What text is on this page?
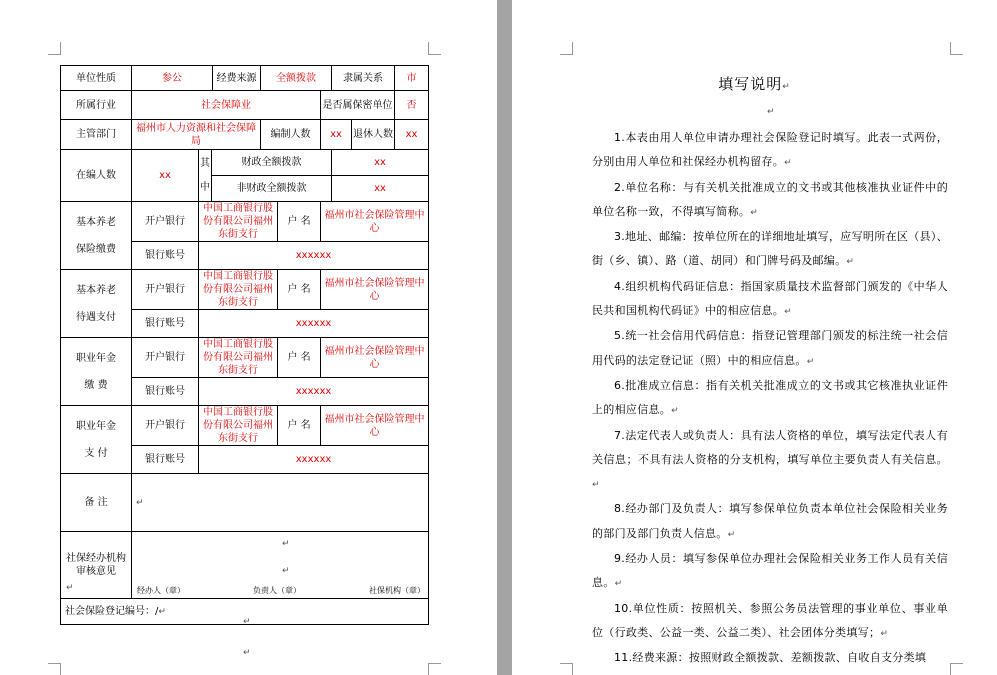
单位性质	参公		经费来源	全额拨款			隶属关系		市
所属行业	社会保障业					是否属保密单位			否
主管部门	福州市人力资源和社会保障局			编制人数		xx		退休人数	xx
在编人数	xx	其中	财政全额拨款				xx		
			非财政全额拨款				xx		

基本养老
保险缴费	开户银行	中国工商银行股份有限公司福州东街支行			户 名	福州市社会保险管理中心			
	银行账号	xxxxxx							

基本养老
待遇支付	开户银行	中国工商银行股份有限公司福州东街支行			户 名	福州市社会保险管理中心			
	银行账号	xxxxxx							

职业年金
缴 费	开户银行	中国工商银行股份有限公司福州东街支行			户 名	福州市社会保险管理中心			
	银行账号	xxxxxx							

职业年金
支 付	开户银行	中国工商银行股份有限公司福州东街支行			户 名	福州市社会保险管理中心			
	银行账号	xxxxxx							
备 注	↵								
社保经办机构审核意见	↵
↵
经办人（章） 负责人（章） 社保机构（章）								

社会保险登记编号：/↵									
↵
↵
↵
填写说明↵
↵

1.本表由用人单位申请办理社会保险登记时填写。此表一式两份，分别由用人单位和社保经办机构留存。↵

2.单位名称：与有关机关批准成立的文书或其他核准执业证件中的单位名称一致，不得填写简称。↵

3.地址、邮编：按单位所在的详细地址填写，应写明所在区（县）、街（乡、镇）、路（道、胡同）和门牌号码及邮编。↵

4.组织机构代码证信息：指国家质量技术监督部门颁发的《中华人民共和国机构代码证》中的相应信息。↵

5.统一社会信用代码信息：指登记管理部门颁发的标注统一社会信用代码的法定登记证（照）中的相应信息。↵

6.批准成立信息：指有关机关批准成立的文书或其它核准执业证件上的相应信息。↵

7.法定代表人或负责人：具有法人资格的单位，填写法定代表人有关信息；不具有法人资格的分支机构，填写单位主要负责人有关信息。↵

8.经办部门及负责人：填写参保单位负责本单位社会保险相关业务的部门及部门负责人信息。↵

9.经办人员：填写参保单位办理社会保险相关业务工作人员有关信息。↵

10.单位性质：按照机关、参照公务员法管理的事业单位、事业单位（行政类、公益一类、公益二类）、社会团体分类填写；↵

11.经费来源：按照财政全额拨款、差额拨款、自收自支分类填
